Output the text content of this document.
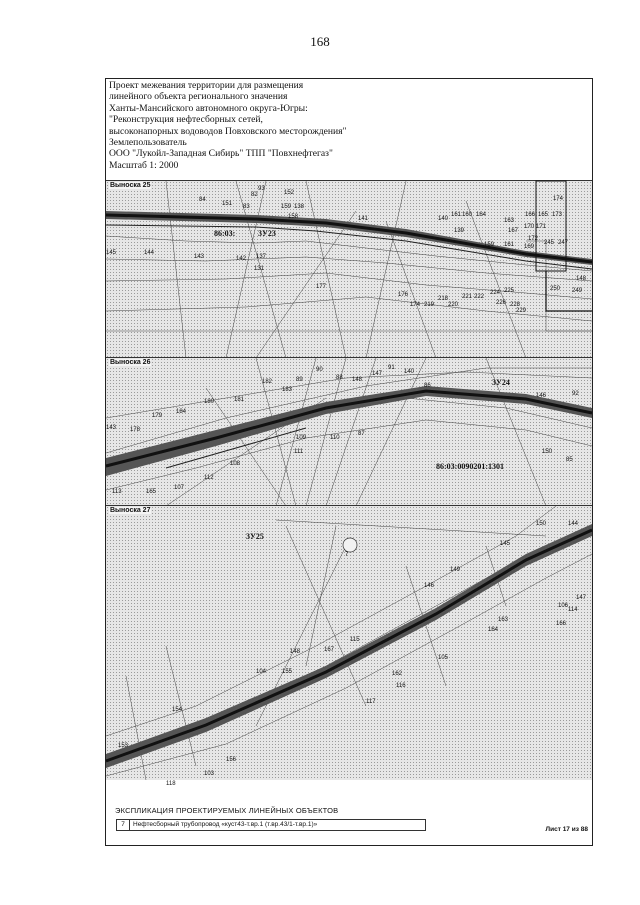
168
Проект межевания территории для размещения
линейного объекта регионального значения
Ханты-Мансийского автономного округа-Югры:
"Реконструкция нефтесборных сетей,
высоконапорных водоводов Повховского месторождения"
Землепользователь
ООО "Лукойл-Западная Сибирь" ТПП "Повхнефтегаз"
Масштаб 1: 2000
93
82	152
84
151 83	159 138
158	141	140
161 160 164	166 165 173
174
139
163
167
170 171
86:03:	3У23
145	144
143	142 137
131
177
159 161
172
169
245 247
176
174 219
218
220
221 222
224 225
226 228
229
250 249
148
Выноска 25
90
89	88
91
148
147	140
86	3У24
182
183
181
146	92
179
184
180
143 178
109	110
87
111	150
85
108
112
107
113	165
86:03:0090201:1301
Выноска 26
3У25
7
150	144
145
149
146
147
106
114
166
163
164
115
105
167
148
104	155	162
116
117
154
153
156
103
118
Выноска 27
ЭКСПЛИКАЦИЯ ПРОЕКТИРУЕМЫХ ЛИНЕЙНЫХ ОБЪЕКТОВ
7	Нефтесборный трубопровод «куст43-т.вр.1 (т.вр.43/1-т.вр.1)»
Лист 17 из 88
